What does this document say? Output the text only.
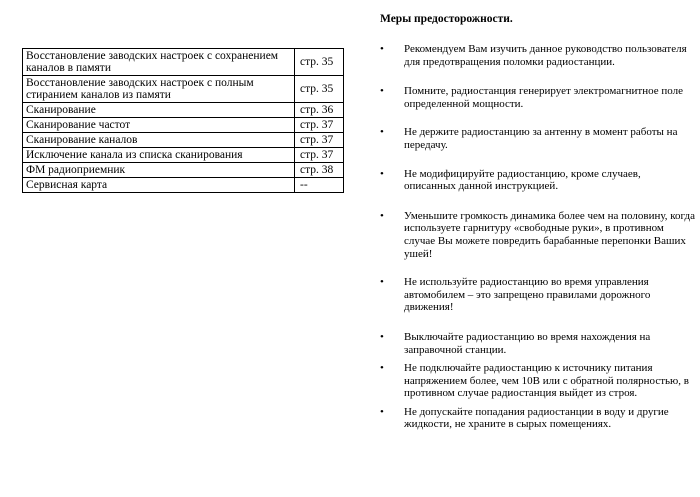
Восстановление заводских настроек с сохранением каналов в памяти	стр. 35
Восстановление заводских настроек с полным стиранием каналов из памяти	стр. 35
Сканирование	стр. 36
Сканирование частот	стр. 37
Сканирование каналов	стр. 37
Исключение канала из списка сканирования	стр. 37
ФМ радиоприемник	стр. 38
Сервисная карта	--
Меры предосторожности.
•	Рекомендуем Вам изучить данное руководство пользователя для предотвращения поломки радиостанции.
•	Помните, радиостанция генерирует электромагнитное поле определенной мощности.
•	Не держите радиостанцию за антенну в момент работы на передачу.
•	Не модифицируйте радиостанцию, кроме случаев, описанных данной инструкцией.
•	Уменьшите громкость динамика более чем на половину, когда используете гарнитуру «свободные руки», в противном случае Вы можете повредить барабанные перепонки Ваших ушей!
•	Не используйте радиостанцию во время управления автомобилем – это запрещено правилами дорожного движения!
•	Выключайте радиостанцию во время нахождения на заправочной станции.
•	Не подключайте радиостанцию к источнику питания напряжением более, чем 10В или с обратной полярностью, в противном случае радиостанция выйдет из строя.
•	Не допускайте попадания радиостанции в воду и другие жидкости, не храните в сырых помещениях.
